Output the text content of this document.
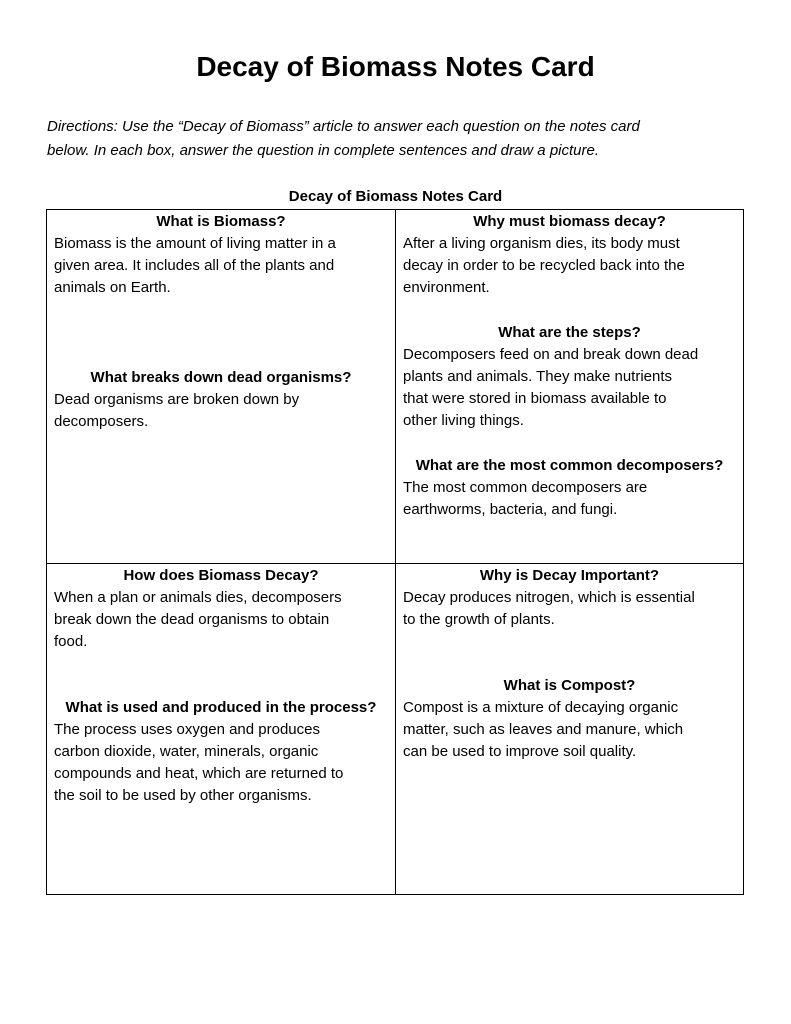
Decay of Biomass Notes Card
Directions: Use the “Decay of Biomass” article to answer each question on the notes card
below. In each box, answer the question in complete sentences and draw a picture.
Decay of Biomass Notes Card
What is Biomass?
Biomass is the amount of living matter in a
given area. It includes all of the plants and
animals on Earth.
What breaks down dead organisms?
Dead organisms are broken down by
decomposers.
Why must biomass decay?
After a living organism dies, its body must
decay in order to be recycled back into the
environment.
What are the steps?
Decomposers feed on and break down dead
plants and animals. They make nutrients
that were stored in biomass available to
other living things.
What are the most common decomposers?
The most common decomposers are
earthworms, bacteria, and fungi.
How does Biomass Decay?
When a plan or animals dies, decomposers
break down the dead organisms to obtain
food.
What is used and produced in the process?
The process uses oxygen and produces
carbon dioxide, water, minerals, organic
compounds and heat, which are returned to
the soil to be used by other organisms.
Why is Decay Important?
Decay produces nitrogen, which is essential
to the growth of plants.
What is Compost?
Compost is a mixture of decaying organic
matter, such as leaves and manure, which
can be used to improve soil quality.
